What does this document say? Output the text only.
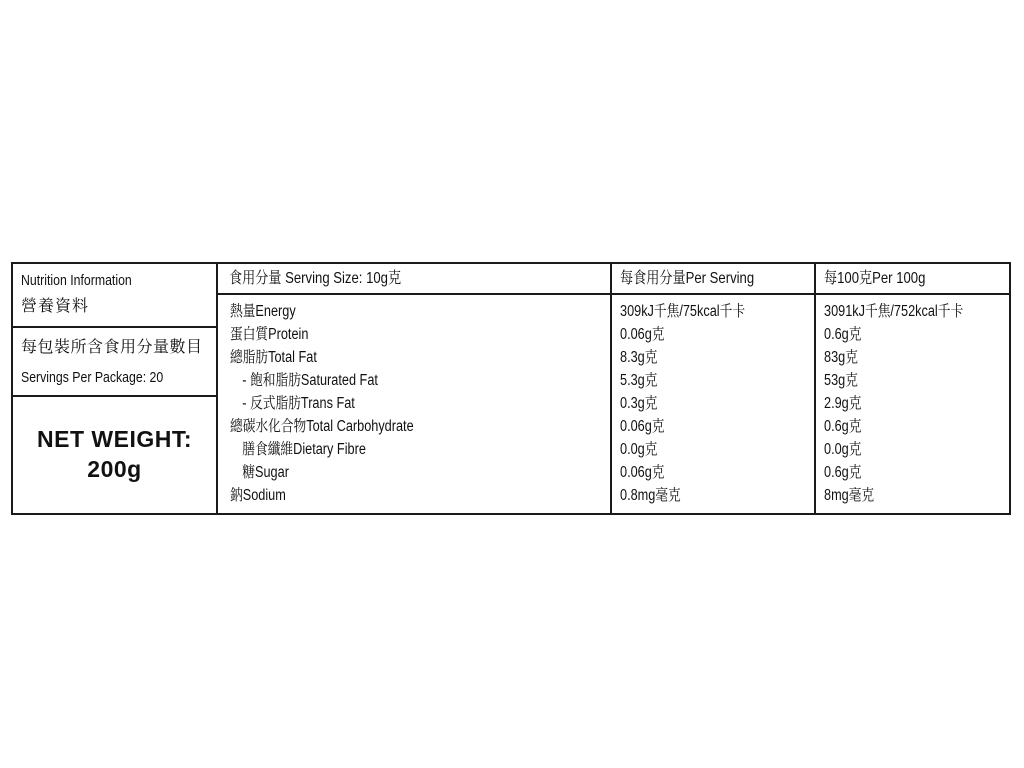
Nutrition Information
營養資料
每包裝所含食用分量數目
Servings Per Package: 20
NET WEIGHT:
200g
食用分量 Serving Size: 10g克	每食用分量Per Serving	每100克Per 100g
熱量Energy
蛋白質Protein
總脂肪Total Fat
- 飽和脂肪Saturated Fat
- 反式脂肪Trans Fat
總碳水化合物Total Carbohydrate
膳食纖維Dietary Fibre
糖Sugar
鈉Sodium
309kJ千焦/75kcal千卡
0.06g克
8.3g克
5.3g克
0.3g克
0.06g克
0.0g克
0.06g克
0.8mg毫克
3091kJ千焦/752kcal千卡
0.6g克
83g克
53g克
2.9g克
0.6g克
0.0g克
0.6g克
8mg毫克
